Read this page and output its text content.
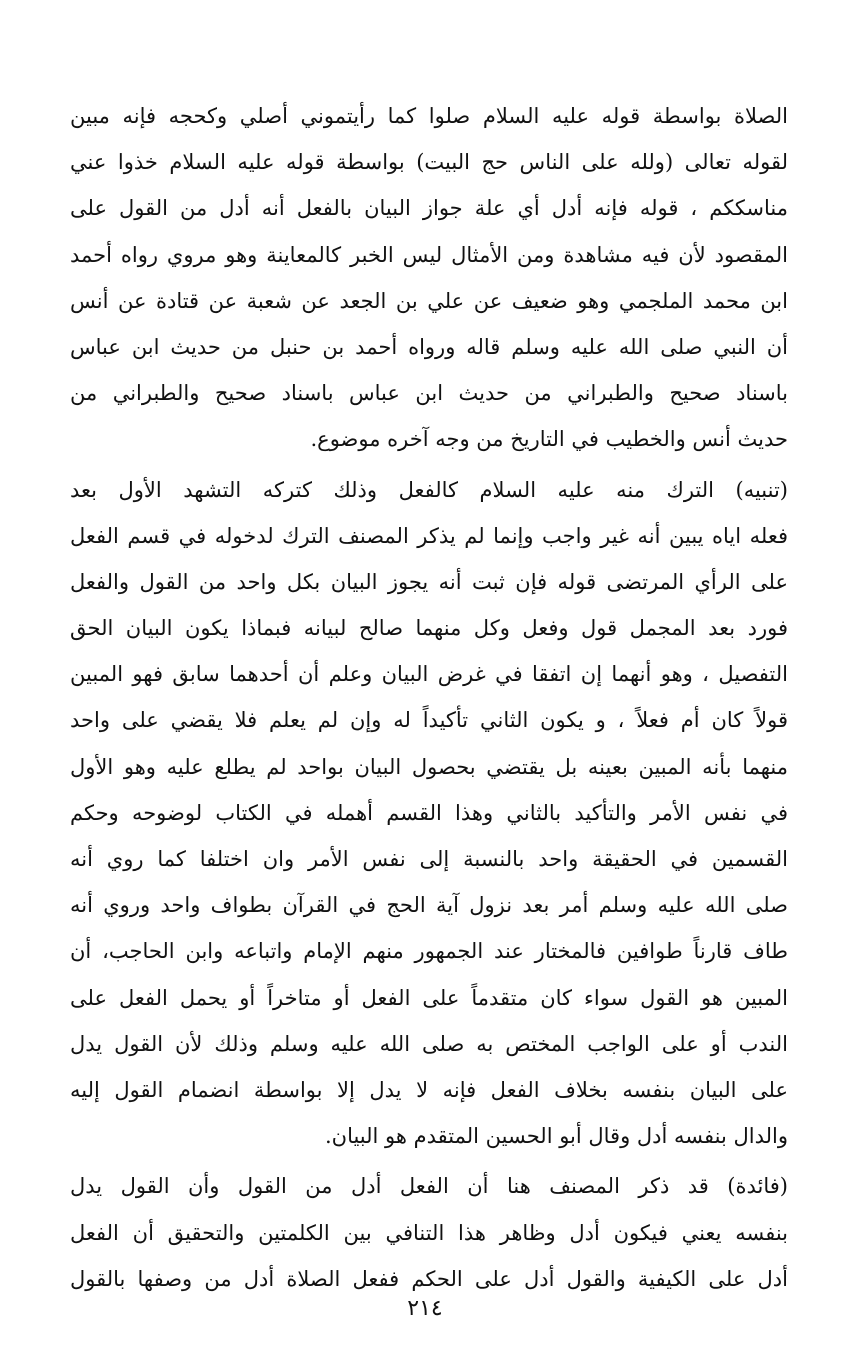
الصلاة بواسطة قوله عليه السلام صلوا كما رأيتموني أصلي وكحجه فإنه مبين
لقوله تعالى (ولله على الناس حج البيت) بواسطة قوله عليه السلام خذوا عني
مناسككم ، قوله فإنه أدل أي علة جواز البيان بالفعل أنه أدل من القول على
المقصود لأن فيه مشاهدة ومن الأمثال ليس الخبر كالمعاينة وهو مروي رواه أحمد
ابن محمد الملجمي وهو ضعيف عن علي بن الجعد عن شعبة عن قتادة عن أنس
أن النبي صلى الله عليه وسلم قاله ورواه أحمد بن حنبل من حديث ابن عباس
باسناد صحيح والطبراني من حديث ابن عباس باسناد صحيح والطبراني من
حديث أنس والخطيب في التاريخ من وجه آخره موضوع.
(تنبيه) الترك منه عليه السلام كالفعل وذلك كتركه التشهد الأول بعد
فعله اياه يبين أنه غير واجب وإنما لم يذكر المصنف الترك لدخوله في قسم الفعل
على الرأي المرتضى قوله فإن ثبت أنه يجوز البيان بكل واحد من القول والفعل
فورد بعد المجمل قول وفعل وكل منهما صالح لبيانه فبماذا يكون البيان الحق
التفصيل ، وهو أنهما إن اتفقا في غرض البيان وعلم أن أحدهما سابق فهو المبين
قولاً كان أم فعلاً ، و يكون الثاني تأكيداً له وإن لم يعلم فلا يقضي على واحد
منهما بأنه المبين بعينه بل يقتضي بحصول البيان بواحد لم يطلع عليه وهو الأول
في نفس الأمر والتأكيد بالثاني وهذا القسم أهمله في الكتاب لوضوحه وحكم
القسمين في الحقيقة واحد بالنسبة إلى نفس الأمر وان اختلفا كما روي أنه
صلى الله عليه وسلم أمر بعد نزول آية الحج في القرآن بطواف واحد وروي أنه
طاف قارناً طوافين فالمختار عند الجمهور منهم الإمام واتباعه وابن الحاجب، أن
المبين هو القول سواء كان متقدماً على الفعل أو متاخراً أو يحمل الفعل على
الندب أو على الواجب المختص به صلى الله عليه وسلم وذلك لأن القول يدل
على البيان بنفسه بخلاف الفعل فإنه لا يدل إلا بواسطة انضمام القول إليه
والدال بنفسه أدل وقال أبو الحسين المتقدم هو البيان.
(فائدة) قد ذكر المصنف هنا أن الفعل أدل من القول وأن القول يدل
بنفسه يعني فيكون أدل وظاهر هذا التنافي بين الكلمتين والتحقيق أن الفعل
أدل على الكيفية والقول أدل على الحكم ففعل الصلاة أدل من وصفها بالقول
٢١٤
